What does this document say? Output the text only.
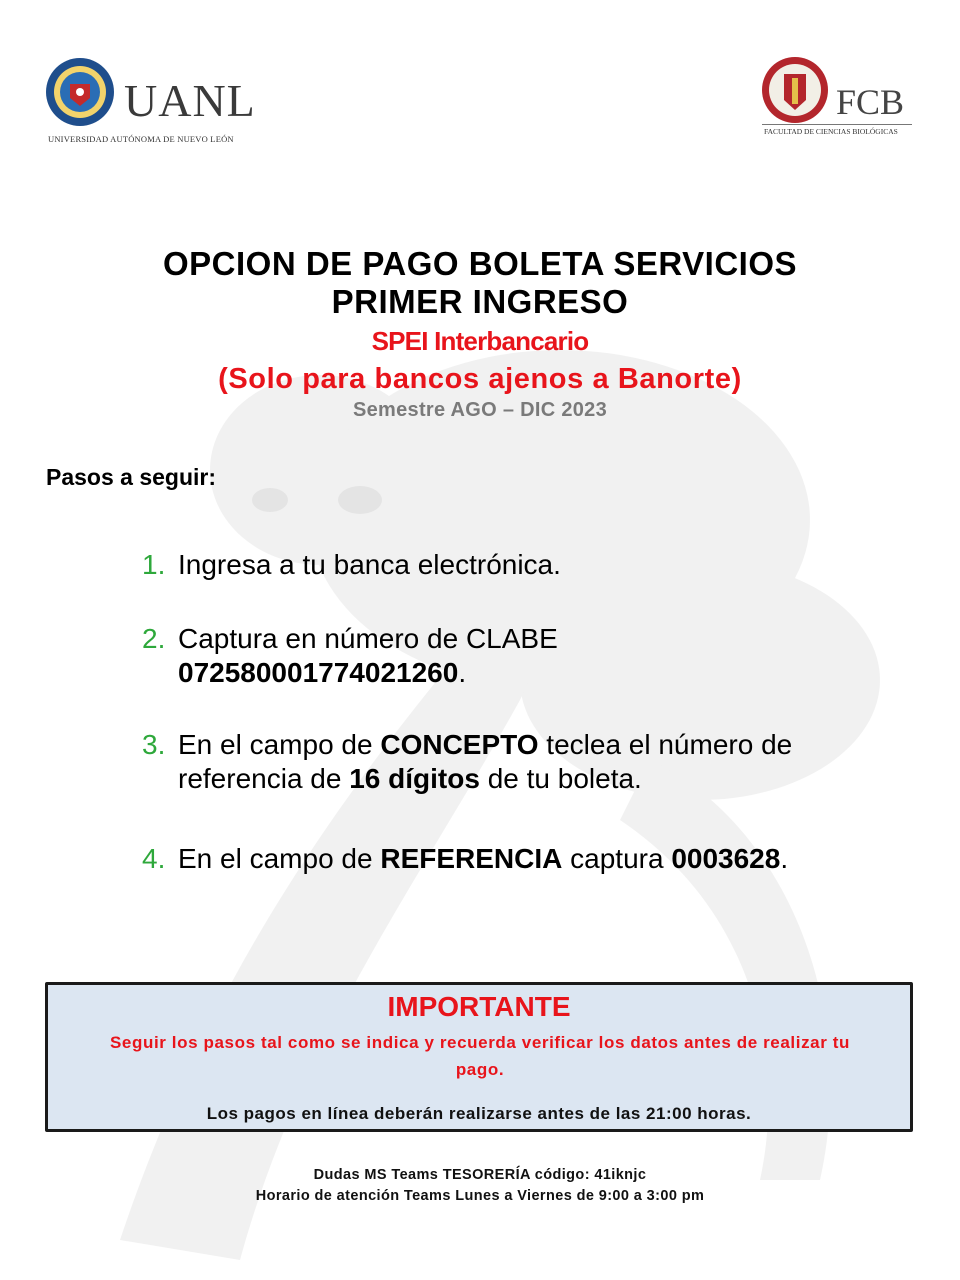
UANL
UNIVERSIDAD AUTÓNOMA DE NUEVO LEÓN
FCB
FACULTAD DE CIENCIAS BIOLÓGICAS
OPCION DE PAGO BOLETA SERVICIOS
PRIMER INGRESO
SPEI Interbancario
(Solo para bancos ajenos a Banorte)
Semestre AGO – DIC 2023
Pasos a seguir:
1. Ingresa a tu banca electrónica.
2. Captura en número de CLABE
072580001774021260.
3. En el campo de CONCEPTO teclea el número de referencia de 16 dígitos de tu boleta.
4. En el campo de REFERENCIA captura 0003628.
IMPORTANTE
Seguir los pasos tal como se indica y recuerda verificar los datos antes de realizar tu pago.
Los pagos en línea deberán realizarse antes de las 21:00 horas.
Dudas MS Teams TESORERÍA código: 41iknjc
Horario de atención Teams Lunes a Viernes de 9:00 a 3:00 pm
